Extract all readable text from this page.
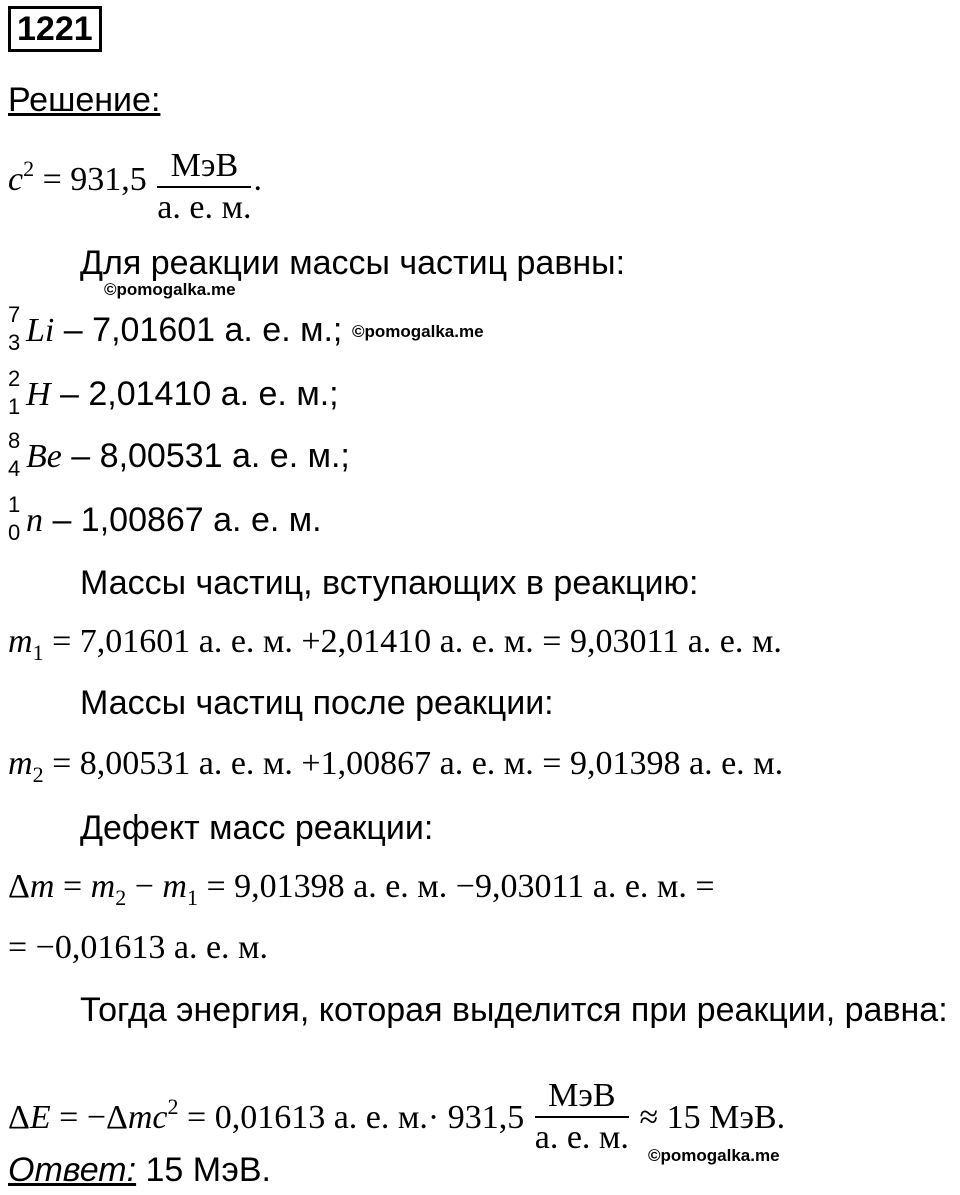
1221
Решение:
$c^2 = 931,5 \frac{\text{МэВ}}{а. е. м.}$ .
Для реакции массы частиц равны:
©pomogalka.me
7
3 Li – 7,01601 а. е. м.; ©pomogalka.me
2
1 H – 2,01410 а. е. м.;
8
4 Be – 8,00531 а. е. м.;
1
0 n – 1,00867 а. е. м.
Массы частиц, вступающих в реакцию:
$m_1 = 7,01601$ а. е. м. +2,01410 а. е. м. = 9,03011 а. е. м.
Массы частиц после реакции:
$m_2 = 8,00531$ а. е. м. +1,00867 а. е. м. = 9,01398 а. е. м.
Дефект масс реакции:
$\Delta m = m_2 - m_1 = 9,01398$ а. е. м. −9,03011 а. е. м. =
= −0,01613 а. е. м.
Тогда энергия, которая выделится при реакции, равна:
ΔE = −Δmc$^2$ = 0,01613 а. е. $м.\cdot 931,5 \frac{\text{МэВ}}{а. е. м.} \approx 15$ МэВ.
©pomogalka.me
Ответ: 15 МэВ.
